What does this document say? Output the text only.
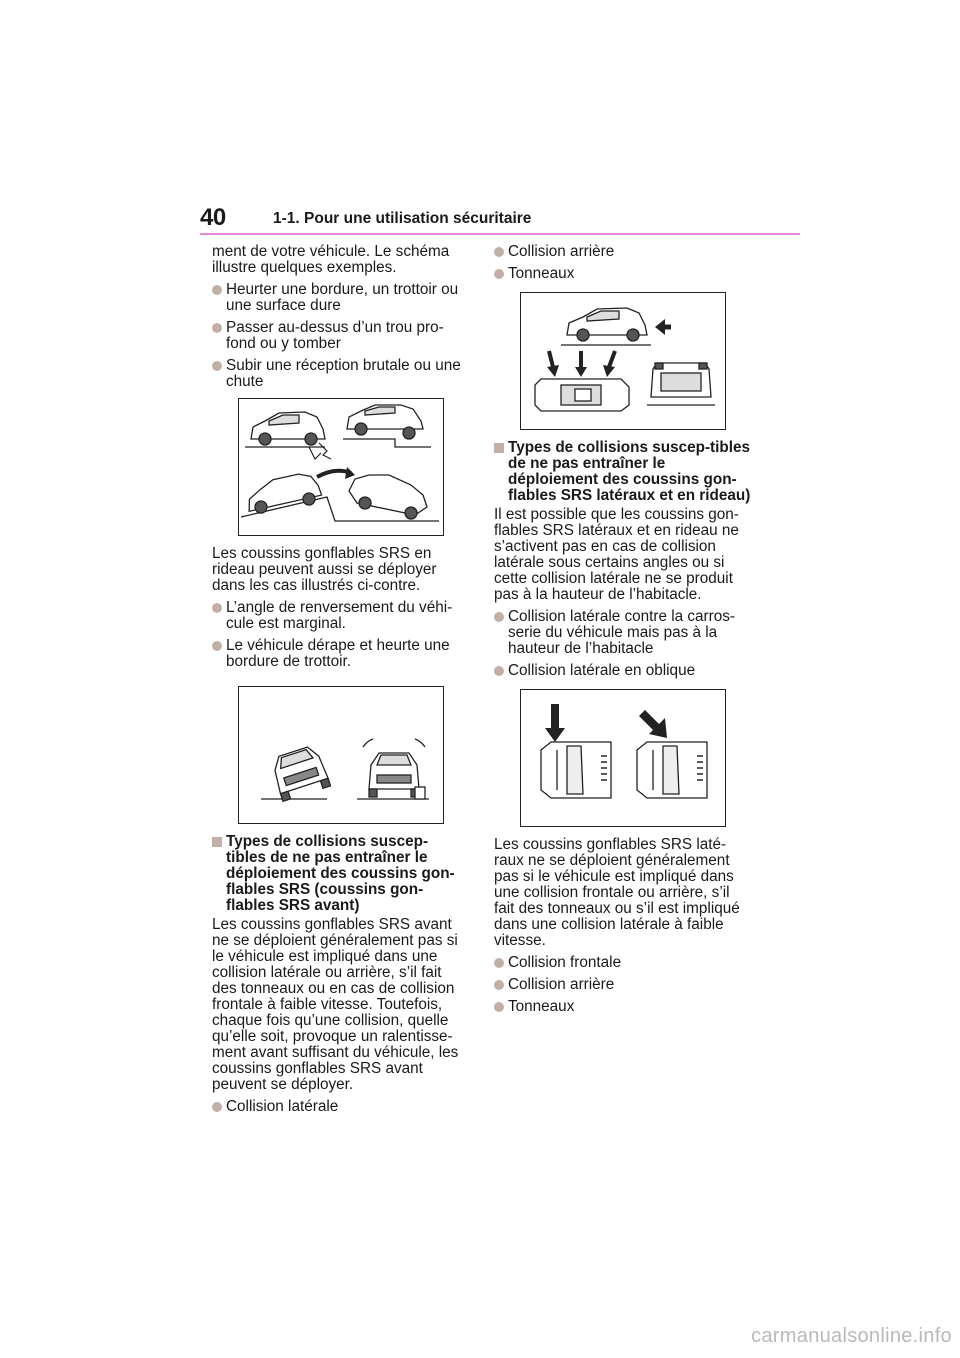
40	1-1. Pour une utilisation sécuritaire

ment de votre véhicule. Le schéma illustre quelques exemples.

Heurter une bordure, un trottoir ou une surface dure
Passer au-dessus d’un trou pro-fond ou y tomber
Subir une réception brutale ou une chute

Les coussins gonflables SRS en rideau peuvent aussi se déployer dans les cas illustrés ci-contre.

L’angle de renversement du véhi-cule est marginal.
Le véhicule dérape et heurte une bordure de trottoir.
Types de collisions suscep-tibles de ne pas entraîner le déploiement des coussins gon-flables SRS (coussins gon-flables SRS avant)

Les coussins gonflables SRS avant ne se déploient généralement pas si le véhicule est impliqué dans une collision latérale ou arrière, s’il fait des tonneaux ou en cas de collision frontale à faible vitesse. Toutefois, chaque fois qu’une collision, quelle qu’elle soit, provoque un ralentisse-ment avant suffisant du véhicule, les coussins gonflables SRS avant peuvent se déployer.

Collision latérale
Collision arrière
Tonneaux
Types de collisions suscep-tibles de ne pas entraîner le déploiement des coussins gon-flables SRS latéraux et en rideau)

Il est possible que les coussins gon-flables SRS latéraux et en rideau ne s’activent pas en cas de collision latérale sous certains angles ou si cette collision latérale ne se produit pas à la hauteur de l’habitacle.

Collision latérale contre la carros-serie du véhicule mais pas à la hauteur de l’habitacle
Collision latérale en oblique

Les coussins gonflables SRS laté-raux ne se déploient généralement pas si le véhicule est impliqué dans une collision frontale ou arrière, s’il fait des tonneaux ou s’il est impliqué dans une collision latérale à faible vitesse.

Collision frontale
Collision arrière
Tonneaux
carmanualsonline.info
